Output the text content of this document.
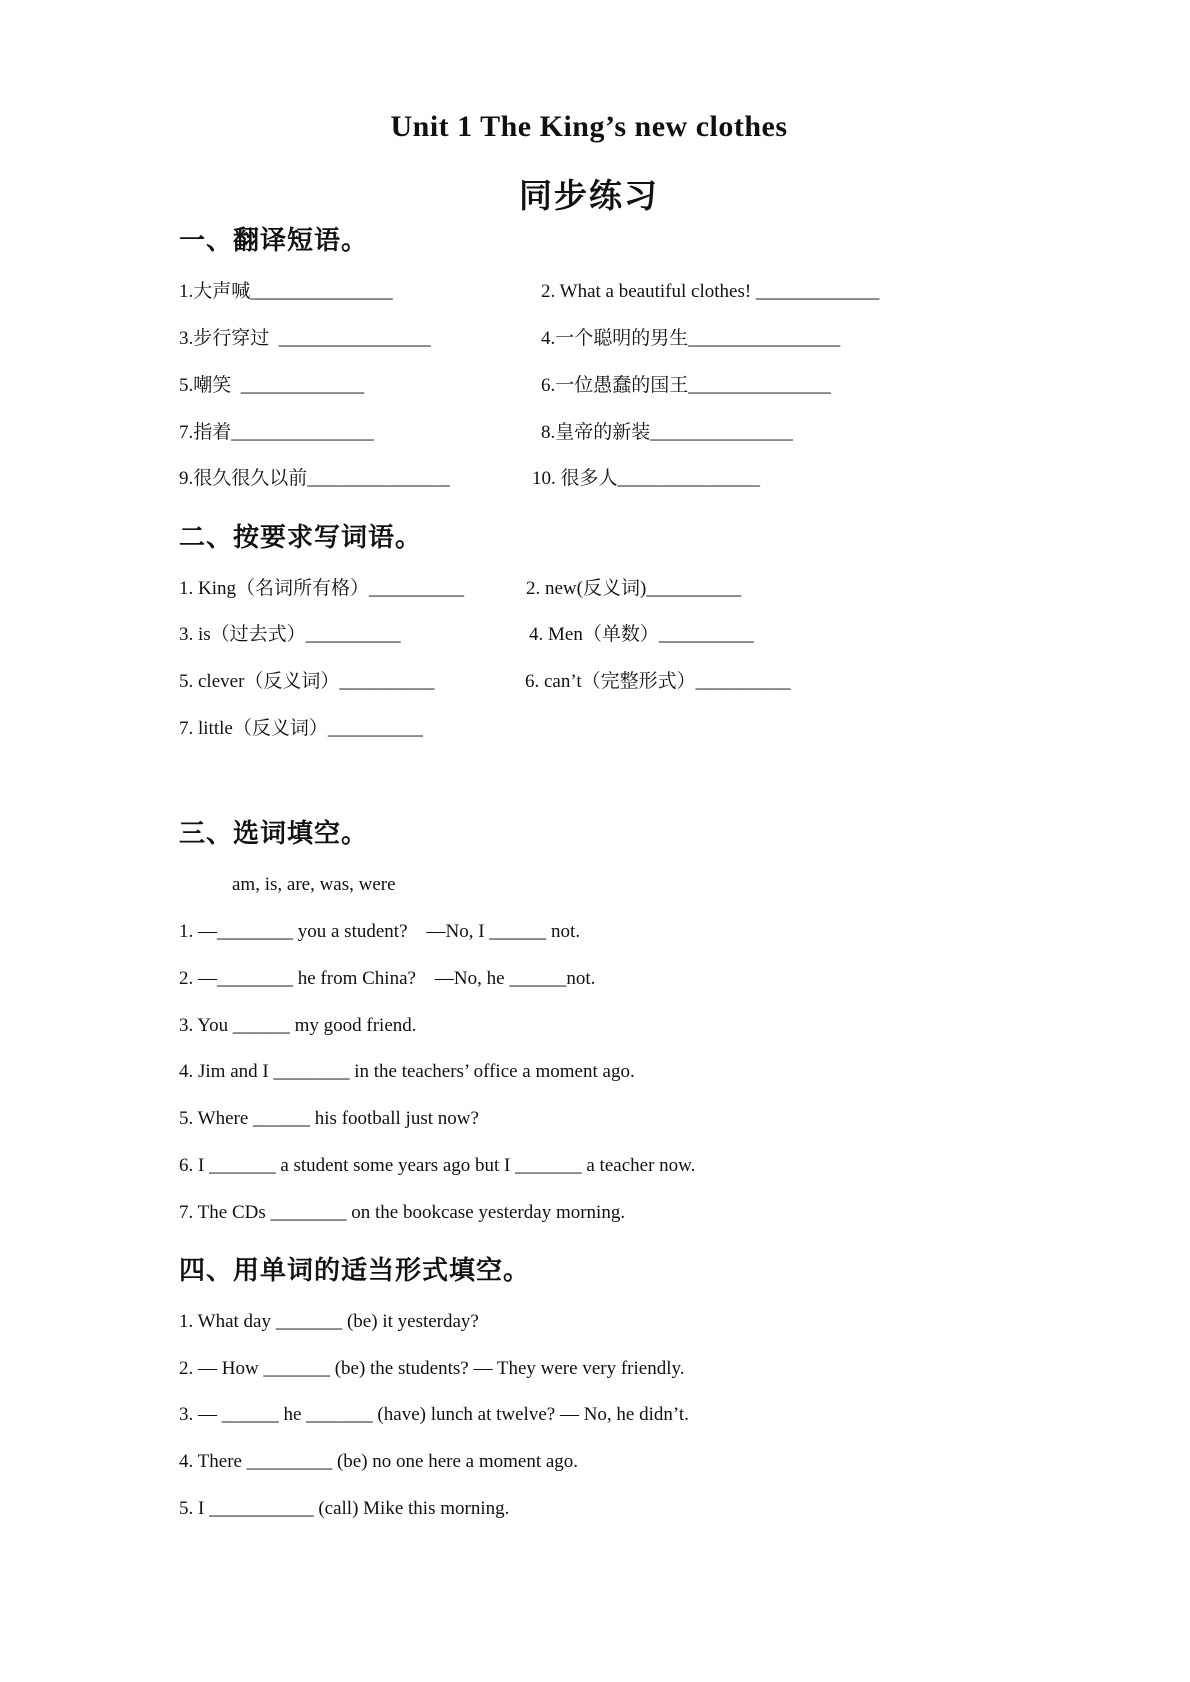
Unit 1 The King’s new clothes
同步练习
一、翻译短语。
1.大声喊_______________	2. What a beautiful clothes! _____________
3.步行穿过  ________________	4.一个聪明的男生________________
5.嘲笑  _____________	6.一位愚蠢的国王_______________
7.指着_______________	8.皇帝的新装_______________
9.很久很久以前_______________	10. 很多人_______________
二、按要求写词语。
1. King（名词所有格）__________	2. new(反义词)__________
3. is（过去式）__________	4. Men（单数）__________
5. clever（反义词）__________	6. can’t（完整形式）__________
7. little（反义词）__________
三、选词填空。
am, is, are, was, were
1. —________ you a student?    —No, I ______ not.
2. —________ he from China?    —No, he ______not.
3. You ______ my good friend.
4. Jim and I ________ in the teachers’ office a moment ago.
5. Where ______ his football just now?
6. I _______ a student some years ago but I _______ a teacher now.
7. The CDs ________ on the bookcase yesterday morning.
四、用单词的适当形式填空。
1. What day _______ (be) it yesterday?
2. — How _______ (be) the students? — They were very friendly.
3. — ______ he _______ (have) lunch at twelve? — No, he didn’t.
4. There _________ (be) no one here a moment ago.
5. I ___________ (call) Mike this morning.
